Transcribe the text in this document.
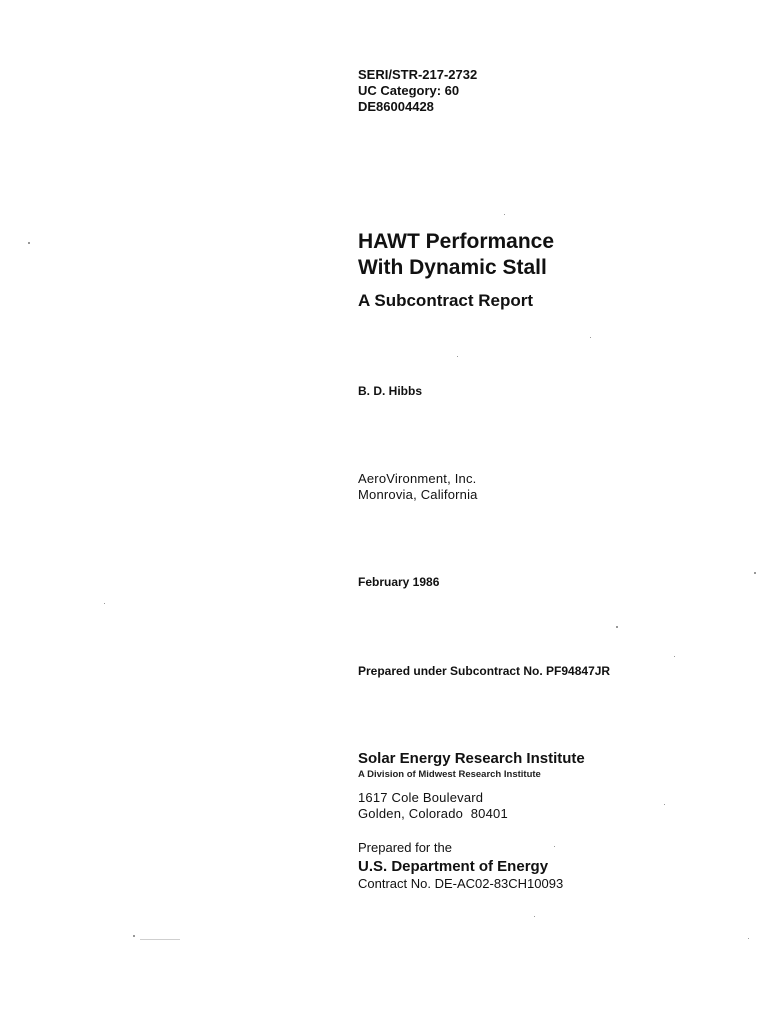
SERI/STR-217-2732
UC Category: 60
DE86004428
HAWT Performance
With Dynamic Stall
A Subcontract Report
B. D. Hibbs
AeroVironment, Inc.
Monrovia, California
February 1986
Prepared under Subcontract No. PF94847JR
Solar Energy Research Institute
A Division of Midwest Research Institute
1617 Cole Boulevard
Golden, Colorado  80401
Prepared for the
U.S. Department of Energy
Contract No. DE-AC02-83CH10093
